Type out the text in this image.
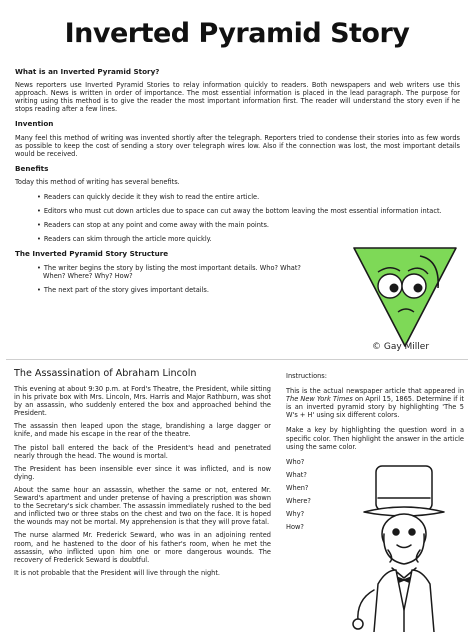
Inverted Pyramid Story
What is an Inverted Pyramid Story?

News reporters use Inverted Pyramid Stories to relay information quickly to readers. Both newspapers and web writers use this approach. News is written in order of importance. The most essential information is placed in the lead paragraph. The purpose for writing using this method is to give the reader the most important information first. The reader will understand the story even if he stops reading after a few lines.

Invention

Many feel this method of writing was invented shortly after the telegraph. Reporters tried to condense their stories into as few words as possible to keep the cost of sending a story over telegraph wires low. Also if the connection was lost, the most important details would be received.

Benefits

Today this method of writing has several benefits.

• Readers can quickly decide it they wish to read the entire article.
• Editors who must cut down articles due to space can cut away the bottom leaving the most essential information intact.
• Readers can stop at any point and come away with the main points.
• Readers can skim through the article more quickly.
The Inverted Pyramid Story Structure
• The writer begins the story by listing the most important details. Who? What? When? Where? Why? How?
• The next part of the story gives important details.
© Gay Miller
The Assassination of Abraham Lincoln

This evening at about 9:30 p.m. at Ford's Theatre, the President, while sitting in his private box with Mrs. Lincoln, Mrs. Harris and Major Rathburn, was shot by an assassin, who suddenly entered the box and approached behind the President.

The assassin then leaped upon the stage, brandishing a large dagger or knife, and made his escape in the rear of the theatre.

The pistol ball entered the back of the President's head and penetrated nearly through the head. The wound is mortal.

The President has been insensible ever since it was inflicted, and is now dying.

About the same hour an assassin, whether the same or not, entered Mr. Seward's apartment and under pretense of having a prescription was shown to the Secretary's sick chamber. The assassin immediately rushed to the bed and inflicted two or three stabs on the chest and two on the face. It is hoped the wounds may not be mortal. My apprehension is that they will prove fatal.

The nurse alarmed Mr. Frederick Seward, who was in an adjoining rented room, and he hastened to the door of his father's room, when he met the assassin, who inflicted upon him one or more dangerous wounds. The recovery of Frederick Seward is doubtful.

It is not probable that the President will live through the night.

Instructions:

This is the actual newspaper article that appeared in The New York Times on April 15, 1865. Determine if it is an inverted pyramid story by highlighting 'The 5 W's + H' using six different colors.

Make a key by highlighting the question word in a specific color. Then highlight the answer in the article using the same color.

Who?
What?
When?
Where?
Why?
How?
